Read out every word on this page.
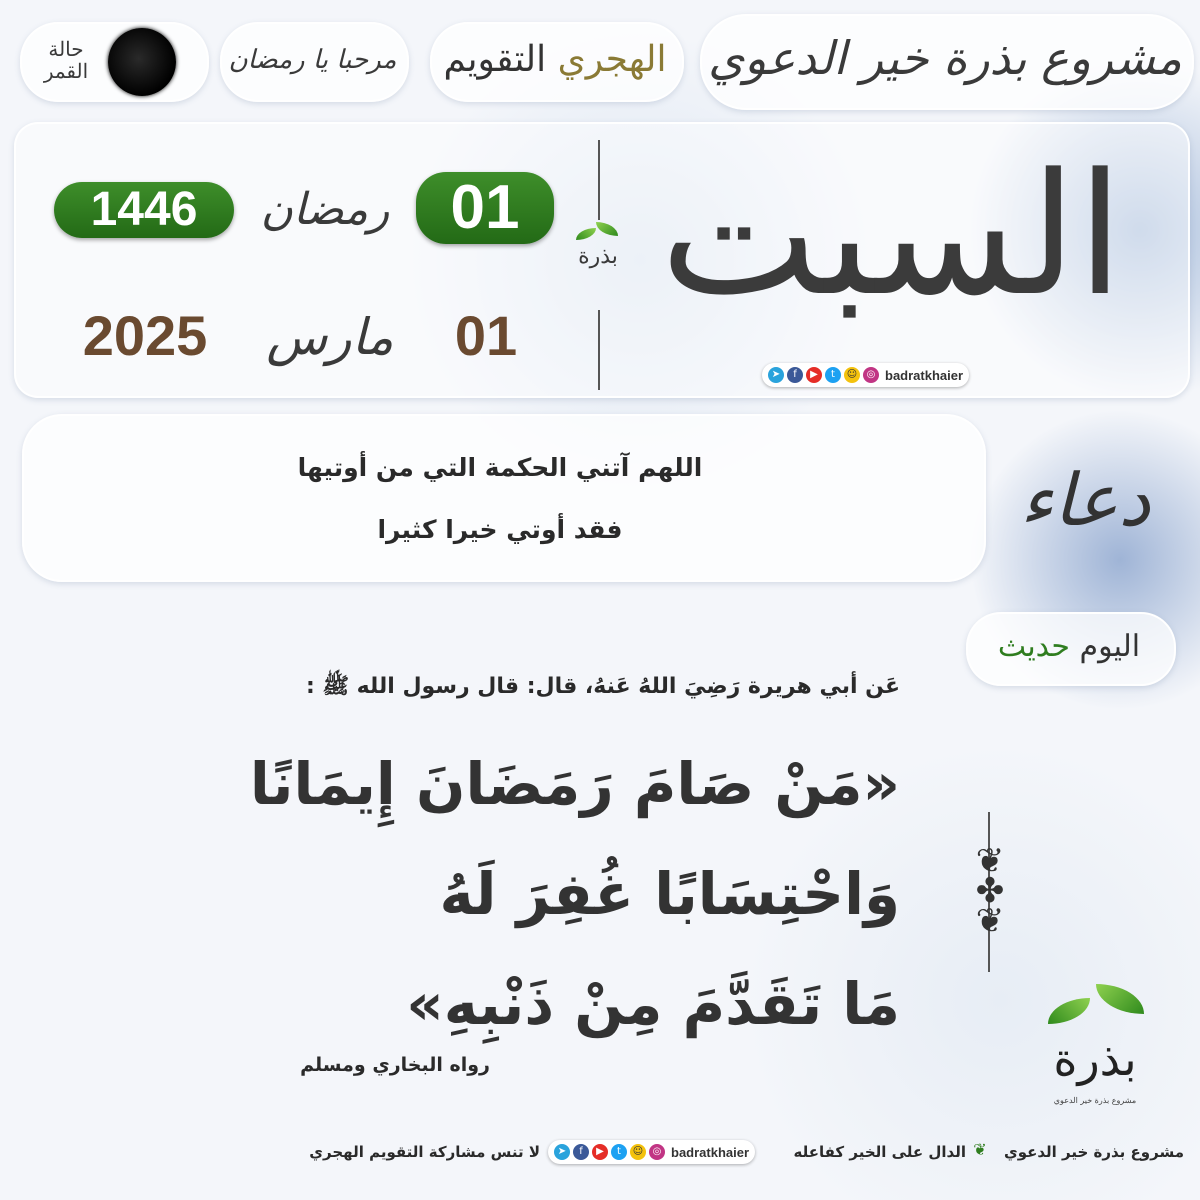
مشروع بذرة خير الدعوي
الهجري التقويم
مرحبا يا رمضان
حالة القمر
السبت
➤	f	▶	t	☺ ◎ badratkhaier
بذرة
01
رمضان
1446
01
مارس
2025
دعاء
اللهم آتني الحكمة التي من أوتيها
فقد أوتي خيرا كثيرا
اليوم حديث
عَن أبي هريرة رَضِيَ اللهُ عَنهُ، قال: قال رسول الله ﷺ :
«مَنْ صَامَ رَمَضَانَ إِيمَانًا
وَاحْتِسَابًا غُفِرَ لَهُ
مَا تَقَدَّمَ مِنْ ذَنْبِهِ»
رواه البخاري ومسلم
❦
✤
❦
بذرة
مشروع بذرة خير الدعوي
مشروع بذرة خير الدعوي
❦
الدال على الخير كفاعله
➤	f	▶	t	☺ ◎ badratkhaier
لا تنس مشاركة التقويم الهجري
